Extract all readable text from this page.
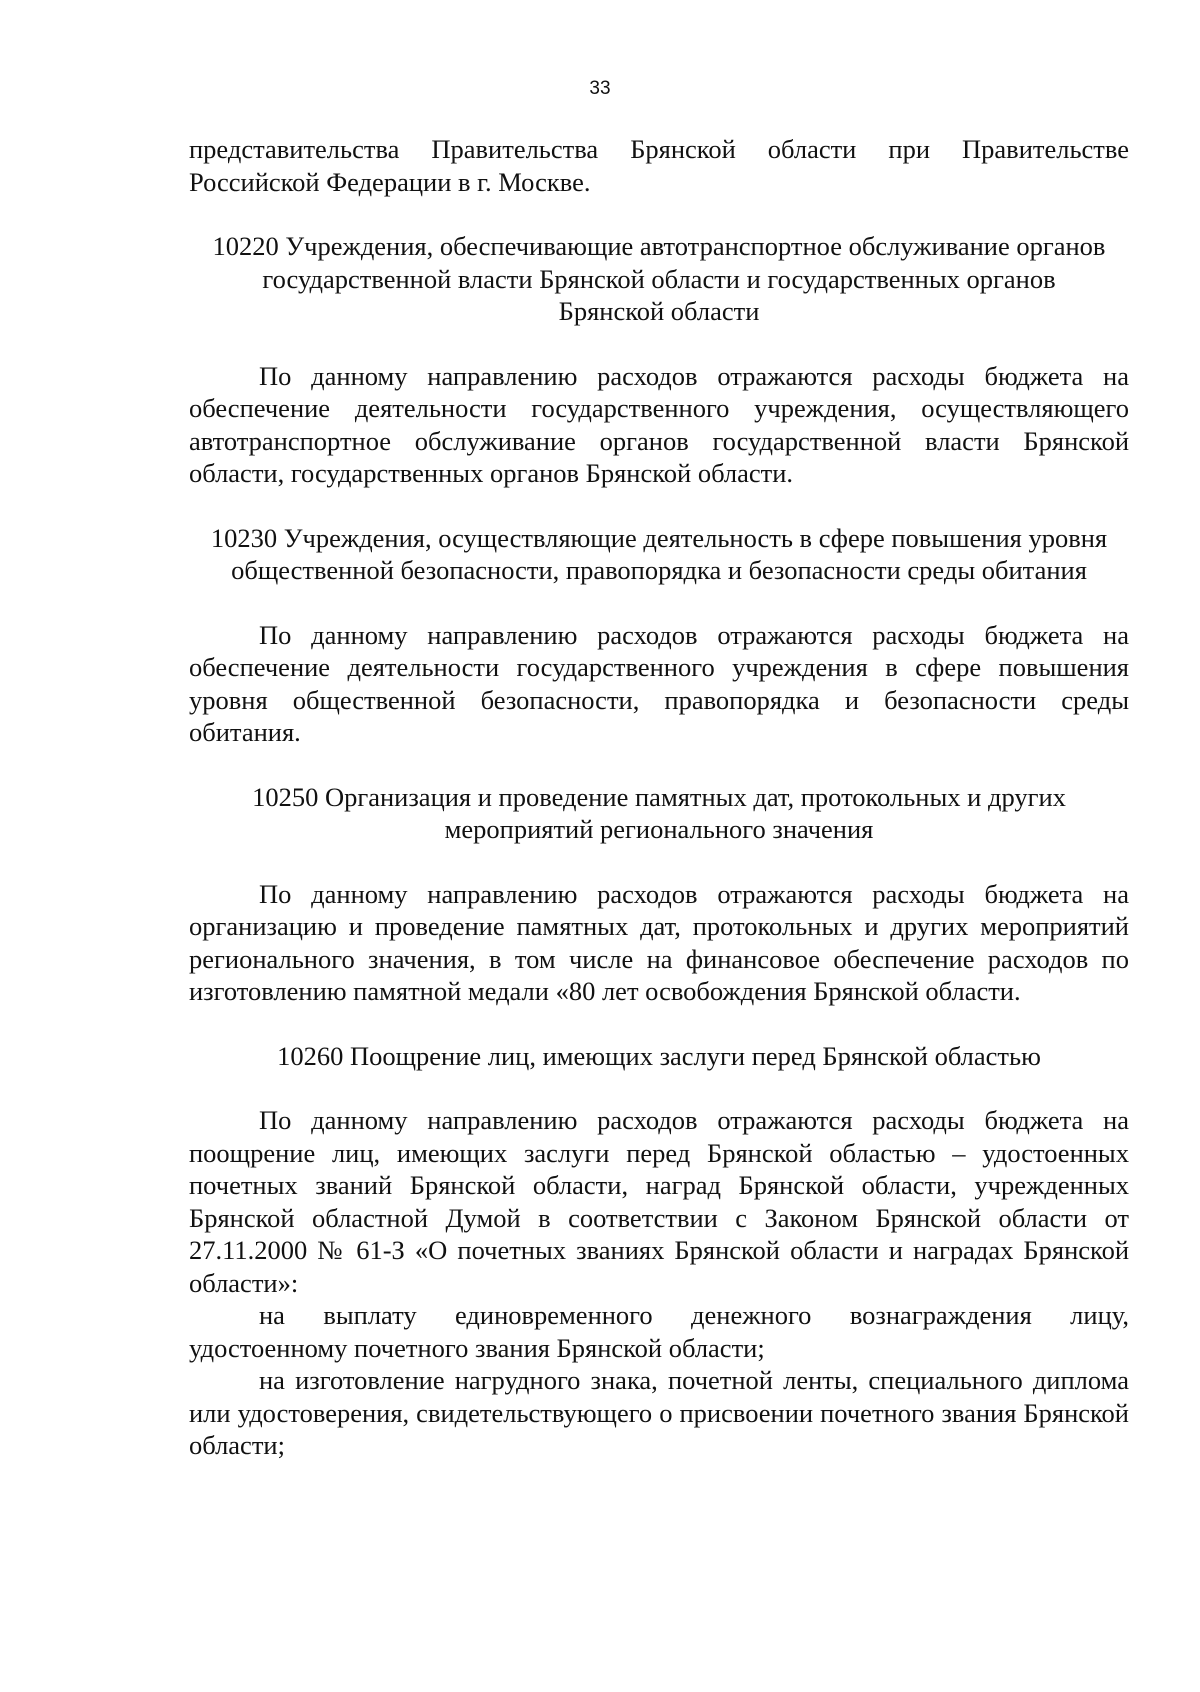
33

представительства Правительства Брянской области при Правительстве Российской Федерации в г. Москве.

10220 Учреждения, обеспечивающие автотранспортное обслуживание органов государственной власти Брянской области и государственных органов Брянской области

По данному направлению расходов отражаются расходы бюджета на обеспечение деятельности государственного учреждения, осуществляющего автотранспортное обслуживание органов государственной власти Брянской области, государственных органов Брянской области.

10230 Учреждения, осуществляющие деятельность в сфере повышения уровня общественной безопасности, правопорядка и безопасности среды обитания

По данному направлению расходов отражаются расходы бюджета на обеспечение деятельности государственного учреждения в сфере повышения уровня общественной безопасности, правопорядка и безопасности среды обитания.

10250 Организация и проведение памятных дат, протокольных и других мероприятий регионального значения

По данному направлению расходов отражаются расходы бюджета на организацию и проведение памятных дат, протокольных и других мероприятий регионального значения, в том числе на финансовое обеспечение расходов по изготовлению памятной медали «80 лет освобождения Брянской области.

10260 Поощрение лиц, имеющих заслуги перед Брянской областью

По данному направлению расходов отражаются расходы бюджета на поощрение лиц, имеющих заслуги перед Брянской областью – удостоенных почетных званий Брянской области, наград Брянской области, учрежденных Брянской областной Думой в соответствии с Законом Брянской области от 27.11.2000 № 61-З «О почетных званиях Брянской области и наградах Брянской области»:

на выплату единовременного денежного вознаграждения лицу, удостоенному почетного звания Брянской области;

на изготовление нагрудного знака, почетной ленты, специального диплома или удостоверения, свидетельствующего о присвоении почетного звания Брянской области;
